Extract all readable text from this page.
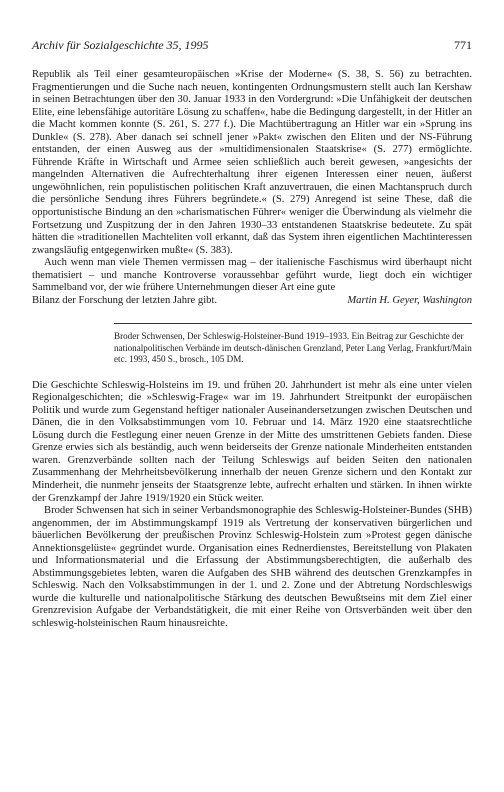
Archiv für Sozialgeschichte 35, 1995	771

Republik als Teil einer gesamteuropäischen »Krise der Moderne« (S. 38, S. 56) zu betrachten. Fragmentierungen und die Suche nach neuen, kontingenten Ordnungsmustern stellt auch Ian Kershaw in seinen Betrachtungen über den 30. Januar 1933 in den Vordergrund: »Die Unfähigkeit der deutschen Elite, eine lebensfähige autoritäre Lösung zu schaffen«, habe die Bedingung dargestellt, in der Hitler an die Macht kommen konnte (S. 261, S. 277 f.). Die Machtübertragung an Hitler war ein »Sprung ins Dunkle« (S. 278). Aber danach sei schnell jener »Pakt« zwischen den Eliten und der NS-Führung entstanden, der einen Ausweg aus der »multidimensionalen Staatskrise« (S. 277) ermöglichte. Führende Kräfte in Wirtschaft und Armee seien schließlich auch bereit gewesen, »angesichts der mangelnden Alternativen die Aufrechterhaltung ihrer eigenen Interessen einer neuen, äußerst ungewöhnlichen, rein populistischen politischen Kraft anzuvertrauen, die einen Machtanspruch durch die persönliche Sendung ihres Führers begründete.« (S. 279) Anregend ist seine These, daß die opportunistische Bindung an den »charismatischen Führer« weniger die Überwindung als vielmehr die Fortsetzung und Zuspitzung der in den Jahren 1930–33 entstandenen Staatskrise bedeutete. Zu spät hätten die »traditionellen Machteliten voll erkannt, daß das System ihren eigentlichen Machtinteressen zwangsläufig entgegenwirken mußte« (S. 383).

Auch wenn man viele Themen vermissen mag – der italienische Faschismus wird überhaupt nicht thematisiert – und manche Kontroverse voraussehbar geführt wurde, liegt doch ein wichtiger Sammelband vor, der wie frühere Unternehmungen dieser Art eine gute

Bilanz der Forschung der letzten Jahre gibt.	Martin H. Geyer, Washington

Broder Schwensen, Der Schleswig-Holsteiner-Bund 1919–1933. Ein Beitrag zur Geschichte der nationalpolitischen Verbände im deutsch-dänischen Grenzland, Peter Lang Verlag, Frankfurt/Main etc. 1993, 450 S., brosch., 105 DM.

Die Geschichte Schleswig-Holsteins im 19. und frühen 20. Jahrhundert ist mehr als eine unter vielen Regionalgeschichten; die »Schleswig-Frage« war im 19. Jahrhundert Streitpunkt der europäischen Politik und wurde zum Gegenstand heftiger nationaler Auseinandersetzungen zwischen Deutschen und Dänen, die in den Volksabstimmungen vom 10. Februar und 14. März 1920 eine staatsrechtliche Lösung durch die Festlegung einer neuen Grenze in der Mitte des umstrittenen Gebiets fanden. Diese Grenze erwies sich als beständig, auch wenn beiderseits der Grenze nationale Minderheiten entstanden waren. Grenzverbände sollten nach der Teilung Schleswigs auf beiden Seiten den nationalen Zusammenhang der Mehrheitsbevölkerung innerhalb der neuen Grenze sichern und den Kontakt zur Minderheit, die nunmehr jenseits der Staatsgrenze lebte, aufrecht erhalten und stärken. In ihnen wirkte der Grenzkampf der Jahre 1919/1920 ein Stück weiter.

Broder Schwensen hat sich in seiner Verbandsmonographie des Schleswig-Holsteiner-Bundes (SHB) angenommen, der im Abstimmungskampf 1919 als Vertretung der konservativen bürgerlichen und bäuerlichen Bevölkerung der preußischen Provinz Schleswig-Holstein zum »Protest gegen dänische Annektionsgelüste« gegründet wurde. Organisation eines Rednerdienstes, Bereitstellung von Plakaten und Informationsmaterial und die Erfassung der Abstimmungsberechtigten, die außerhalb des Abstimmungsgebietes lebten, waren die Aufgaben des SHB während des deutschen Grenzkampfes in Schleswig. Nach den Volksabstimmungen in der 1. und 2. Zone und der Abtretung Nordschleswigs wurde die kulturelle und nationalpolitische Stärkung des deutschen Bewußtseins mit dem Ziel einer Grenzrevision Aufgabe der Verbandstätigkeit, die mit einer Reihe von Ortsverbänden weit über den schleswig-holsteinischen Raum hinausreichte.
